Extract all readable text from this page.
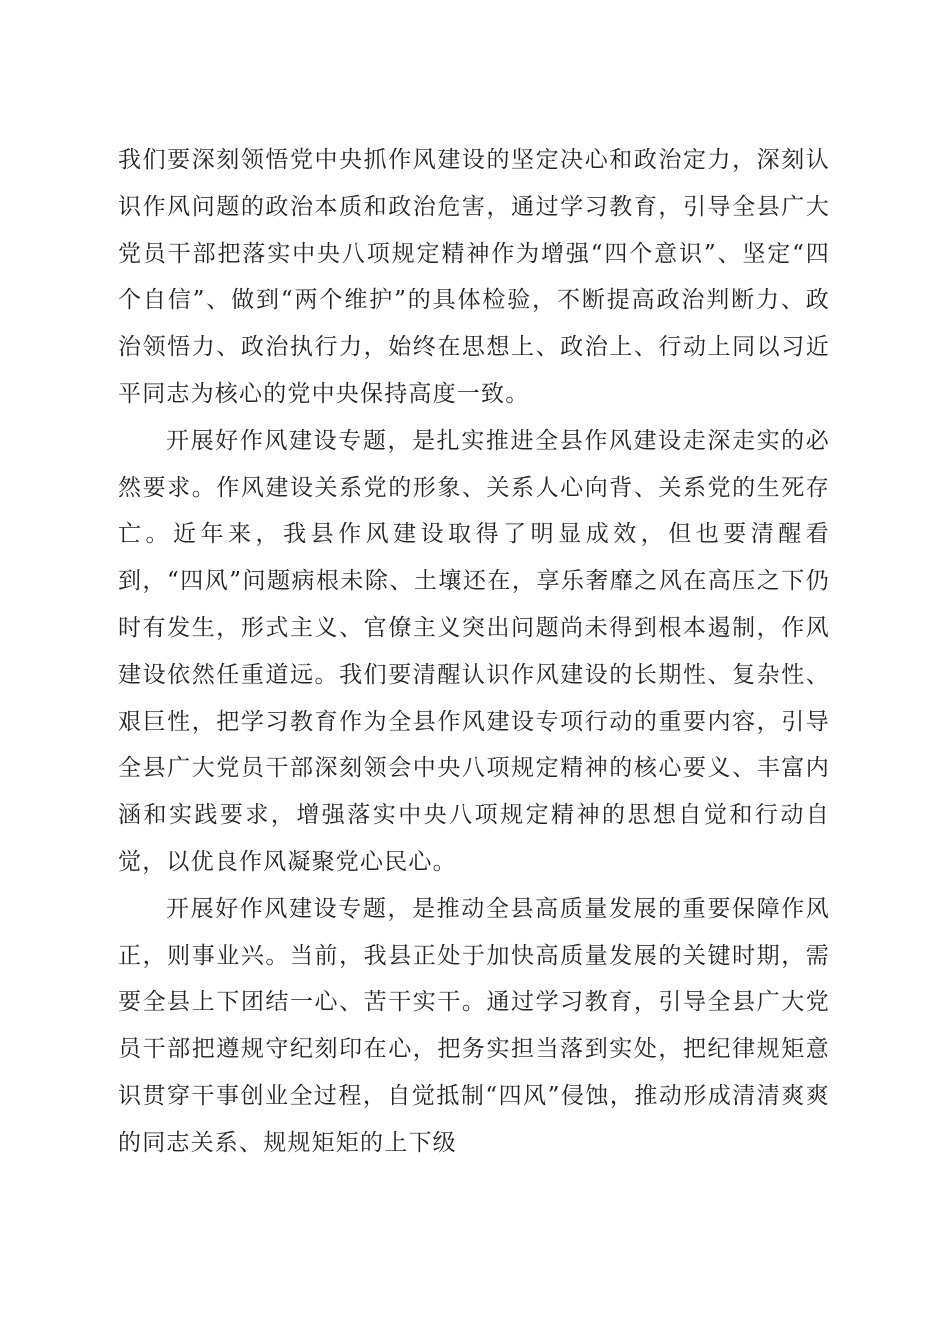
我们要深刻领悟党中央抓作风建设的坚定决心和政治定力，深刻认识作风问题的政治本质和政治危害，通过学习教育，引导全县广大党员干部把落实中央八项规定精神作为增强“四个意识”、坚定“四个自信”、做到“两个维护”的具体检验，不断提高政治判断力、政治领悟力、政治执行力，始终在思想上、政治上、行动上同以习近平同志为核心的党中央保持高度一致。

开展好作风建设专题，是扎实推进全县作风建设走深走实的必然要求。作风建设关系党的形象、关系人心向背、关系党的生死存亡。近年来，我县作风建设取得了明显成效，但也要清醒看到，“四风”问题病根未除、土壤还在，享乐奢靡之风在高压之下仍时有发生，形式主义、官僚主义突出问题尚未得到根本遏制，作风建设依然任重道远。我们要清醒认识作风建设的长期性、复杂性、艰巨性，把学习教育作为全县作风建设专项行动的重要内容，引导全县广大党员干部深刻领会中央八项规定精神的核心要义、丰富内涵和实践要求，增强落实中央八项规定精神的思想自觉和行动自觉，以优良作风凝聚党心民心。

开展好作风建设专题，是推动全县高质量发展的重要保障作风正，则事业兴。当前，我县正处于加快高质量发展的关键时期，需要全县上下团结一心、苦干实干。通过学习教育，引导全县广大党员干部把遵规守纪刻印在心，把务实担当落到实处，把纪律规矩意识贯穿干事创业全过程，自觉抵制“四风”侵蚀，推动形成清清爽爽的同志关系、规规矩矩的上下级
